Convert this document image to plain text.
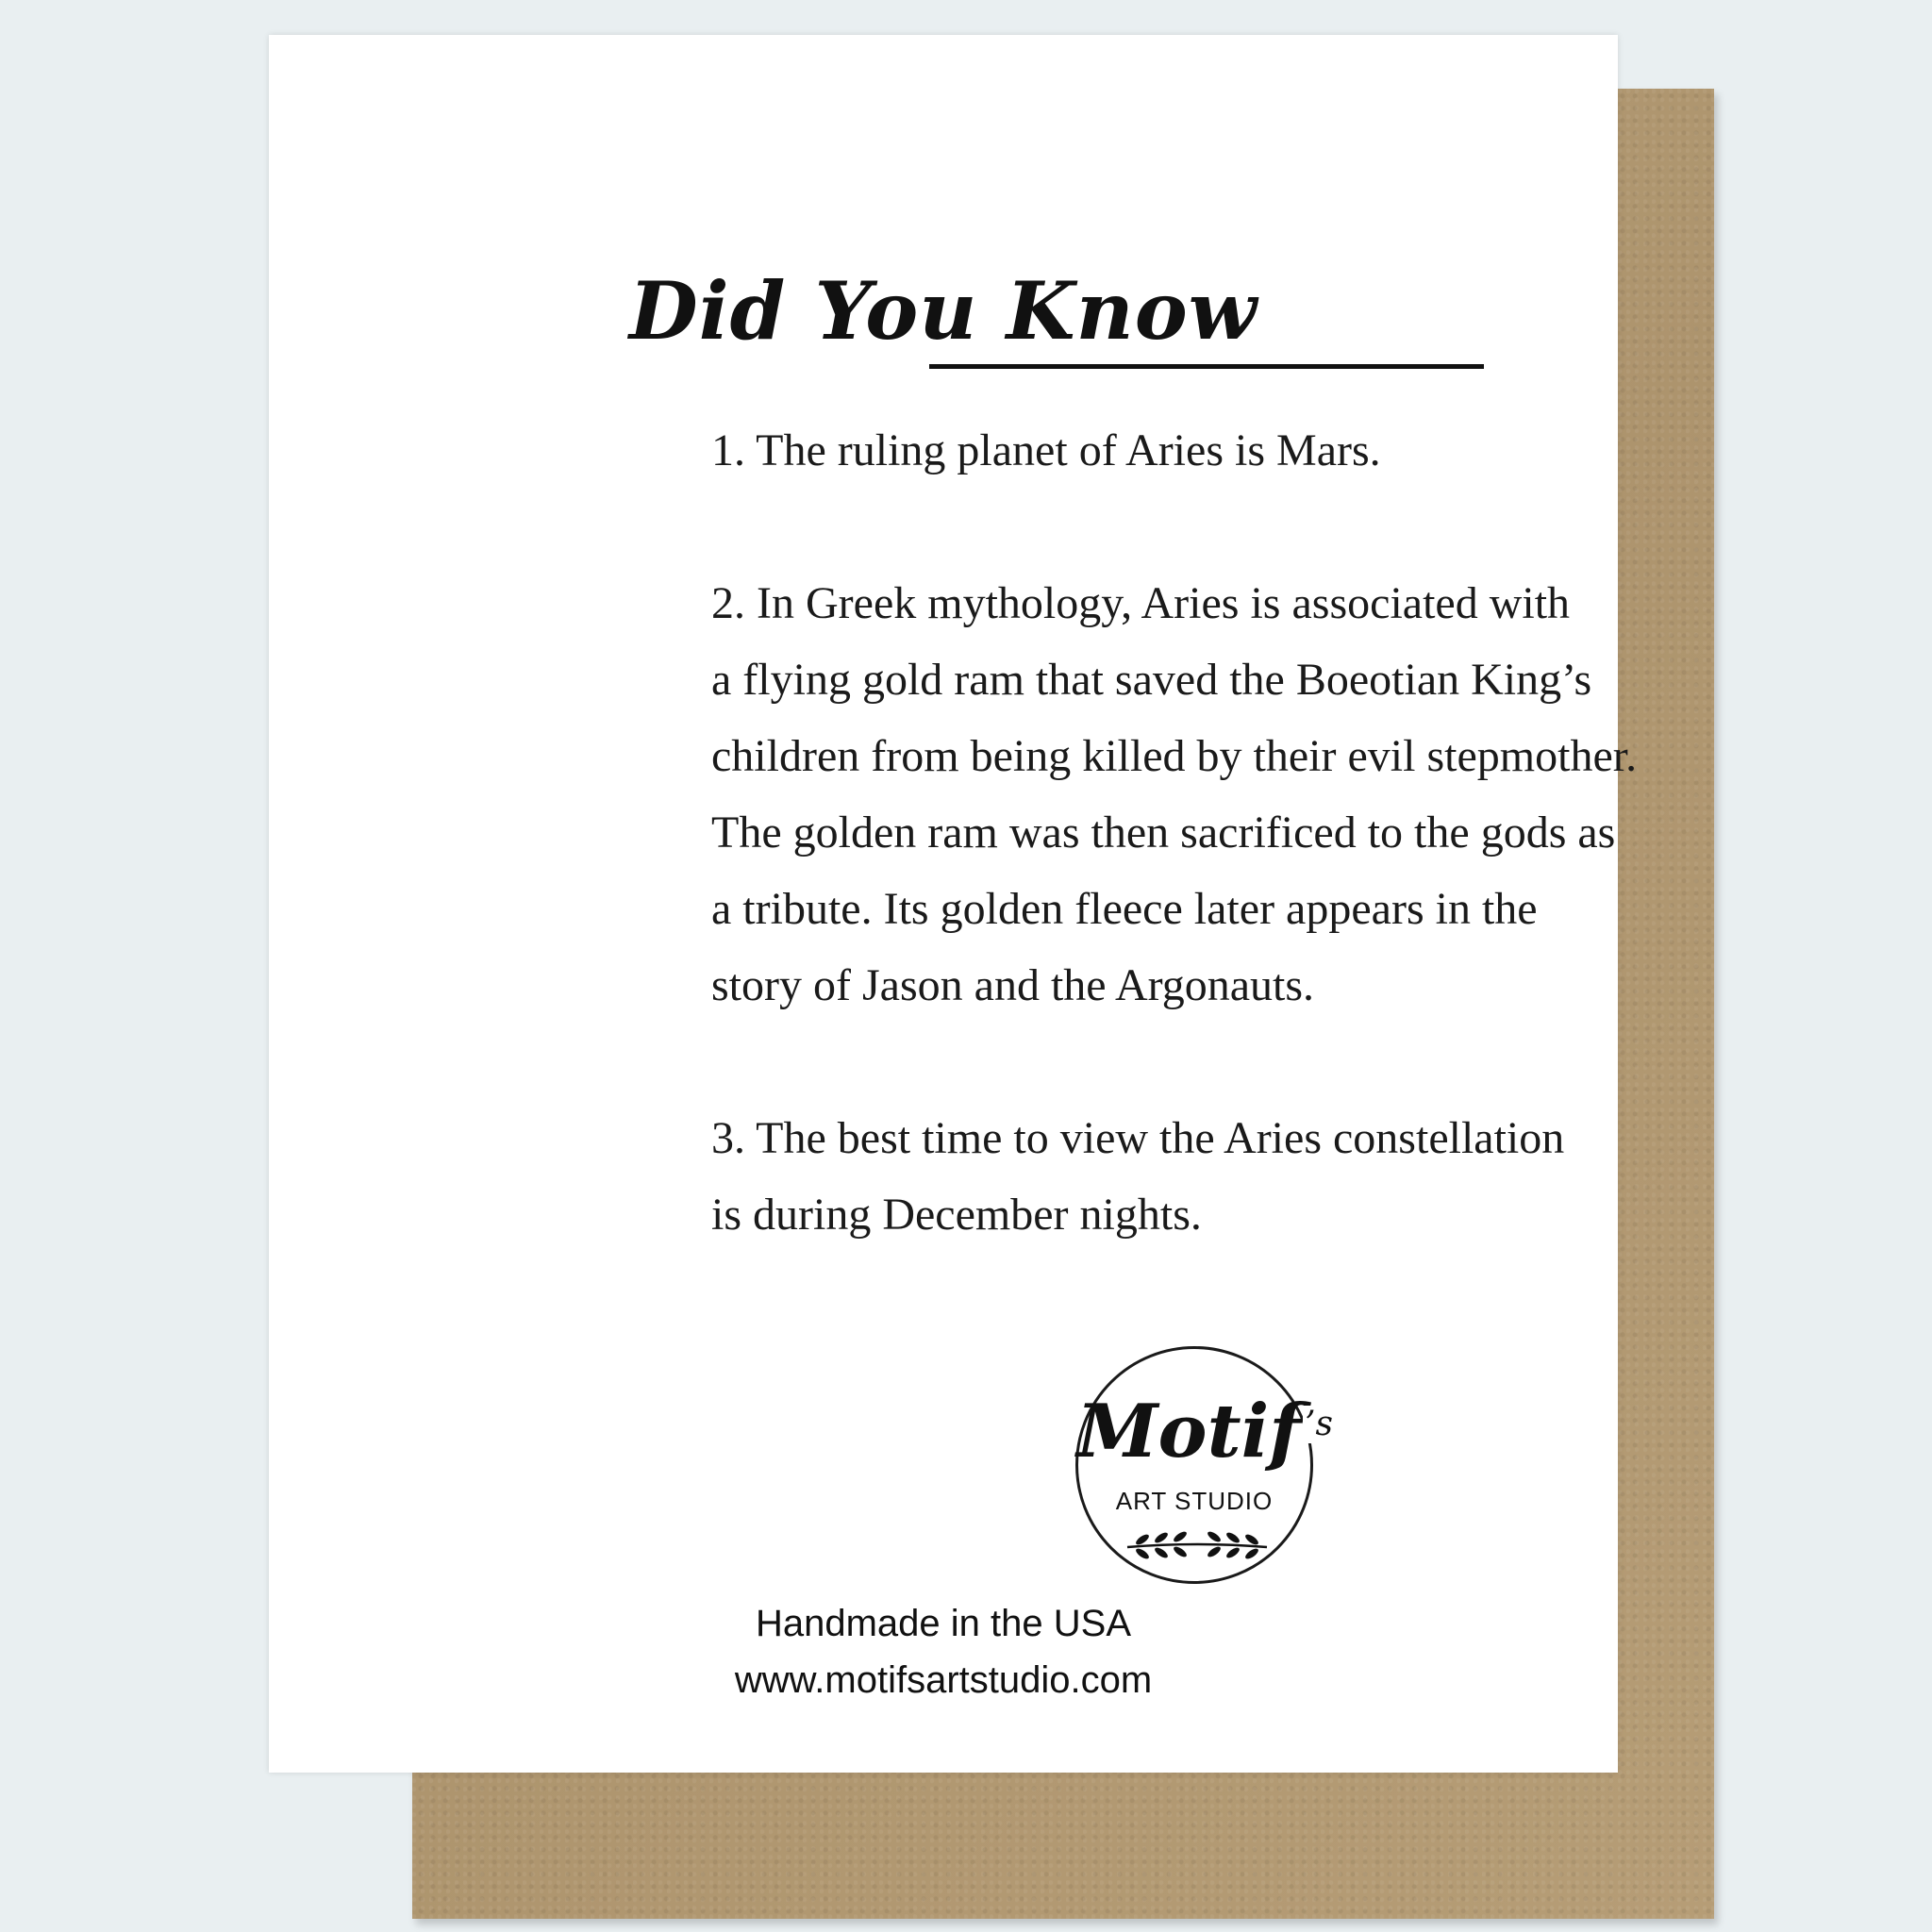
Did You Know

1. The ruling planet of Aries is Mars.

2. In Greek mythology, Aries is associated with
a flying gold ram that saved the Boeotian King’s
children from being killed by their evil stepmother.
The golden ram was then sacrificed to the gods as
a tribute. Its golden fleece later appears in the
story of Jason and the Argonauts.

3. The best time to view the Aries constellation
is during December nights.

Motif ’s
ART STUDIO

Handmade in the USA

www.motifsartstudio.com
